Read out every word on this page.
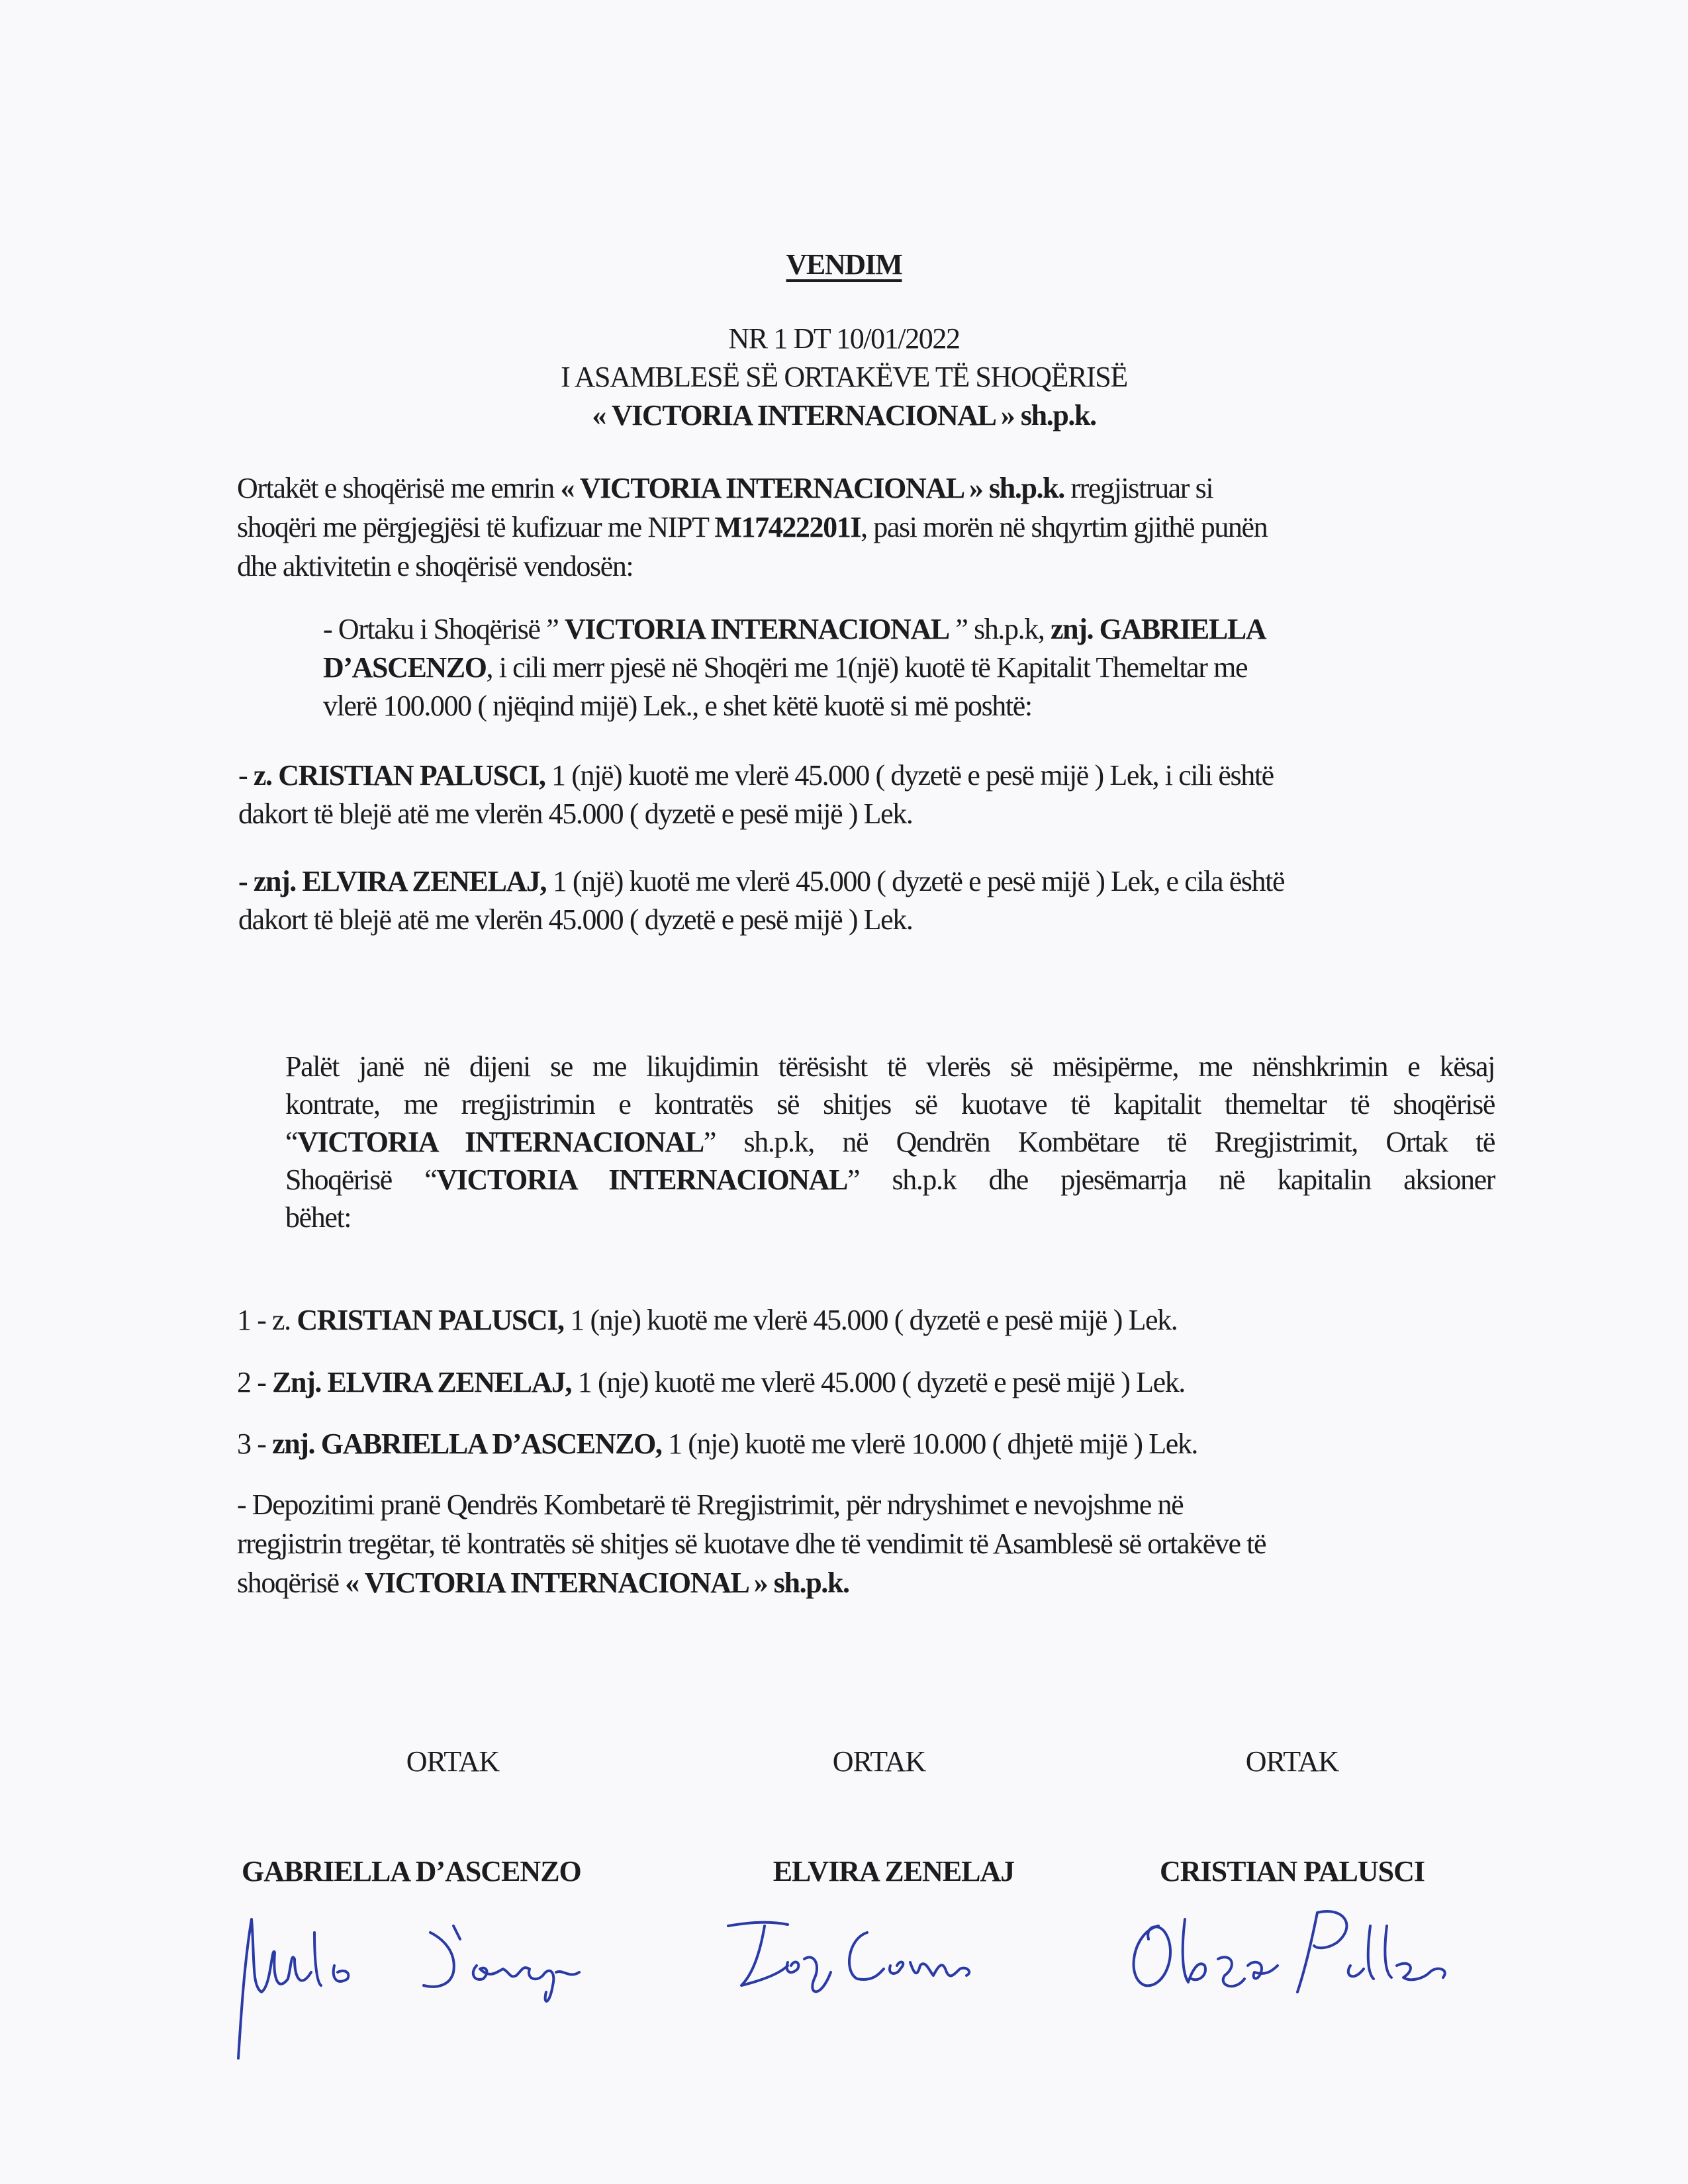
VENDIM
NR 1 DT 10/01/2022
I ASAMBLESË SË ORTAKËVE TË SHOQËRISË
« VICTORIA INTERNACIONAL » sh.p.k.
Ortakët e shoqërisë me emrin « VICTORIA INTERNACIONAL » sh.p.k. rregjistruar si
shoqëri me përgjegjësi të kufizuar me NIPT M17422201I, pasi morën në shqyrtim gjithë punën
dhe aktivitetin e shoqërisë vendosën:
- Ortaku i Shoqërisë ” VICTORIA INTERNACIONAL ” sh.p.k, znj. GABRIELLA
D’ASCENZO, i cili merr pjesë në Shoqëri me 1(një) kuotë të Kapitalit Themeltar me
vlerë 100.000 ( njëqind mijë) Lek., e shet këtë kuotë si më poshtë:
- z. CRISTIAN PALUSCI, 1 (një) kuotë me vlerë 45.000 ( dyzetë e pesë mijë ) Lek, i cili është
dakort të blejë atë me vlerën 45.000 ( dyzetë e pesë mijë ) Lek.
- znj. ELVIRA ZENELAJ, 1 (një) kuotë me vlerë 45.000 ( dyzetë e pesë mijë ) Lek, e cila është
dakort të blejë atë me vlerën 45.000 ( dyzetë e pesë mijë ) Lek.
Palët janë në dijeni se me likujdimin tërësisht të vlerës së mësipërme, me nënshkrimin e kësaj
kontrate, me rregjistrimin e kontratës së shitjes së kuotave të kapitalit themeltar të shoqërisë
“VICTORIA INTERNACIONAL” sh.p.k, në Qendrën Kombëtare të Rregjistrimit, Ortak të
Shoqërisë “VICTORIA INTERNACIONAL” sh.p.k dhe pjesëmarrja në kapitalin aksioner
bëhet:
1 - z. CRISTIAN PALUSCI, 1 (nje) kuotë me vlerë 45.000 ( dyzetë e pesë mijë ) Lek.
2 - Znj. ELVIRA ZENELAJ, 1 (nje) kuotë me vlerë 45.000 ( dyzetë e pesë mijë ) Lek.
3 - znj. GABRIELLA D’ASCENZO, 1 (nje) kuotë me vlerë 10.000 ( dhjetë mijë ) Lek.
- Depozitimi pranë Qendrës Kombetarë të Rregjistrimit, për ndryshimet e nevojshme në
rregjistrin tregëtar, të kontratës së shitjes së kuotave dhe të vendimit të Asamblesë së ortakëve të
shoqërisë « VICTORIA INTERNACIONAL » sh.p.k.
ORTAK	ORTAK	ORTAK
GABRIELLA D’ASCENZO	ELVIRA ZENELAJ	CRISTIAN PALUSCI
